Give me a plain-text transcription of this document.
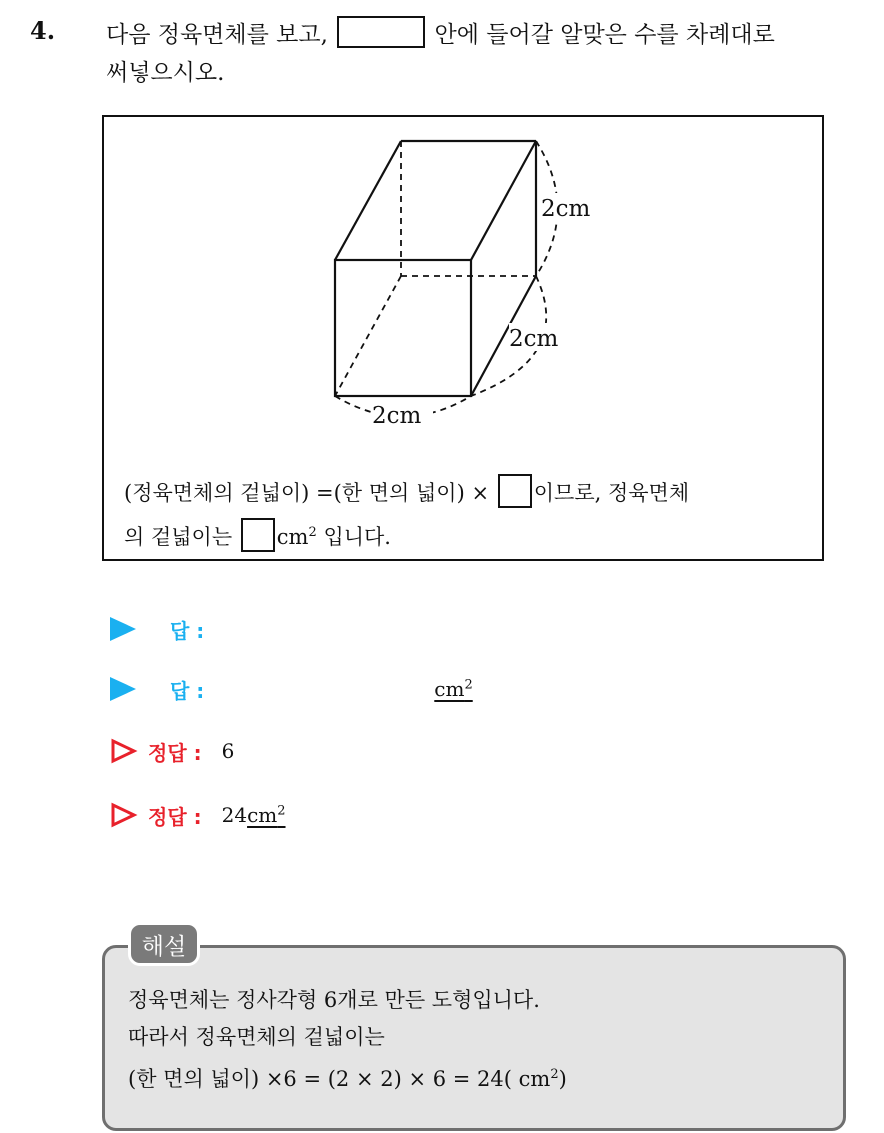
4. 다음 정육면체를 보고,	안에 들어갈 알맞은 수를 차례대로
써넣으시오.
2cm
2cm
2cm
(정육면체의 겉넓이) =(한 면의 넓이) × 이므로, 정육면체
의 겉넓이는 $cm^2$ 입니다.
답 :
답 :	$cm^2$
정답 : 6
정답 : 24 $cm^2$
해설
정육면체는 정사각형 6개로 만든 도형입니다.
따라서 정육면체의 겉넓이는
(한 면의 넓이) ×6 = (2 × 2) × 6 = 24( $cm^2$)
